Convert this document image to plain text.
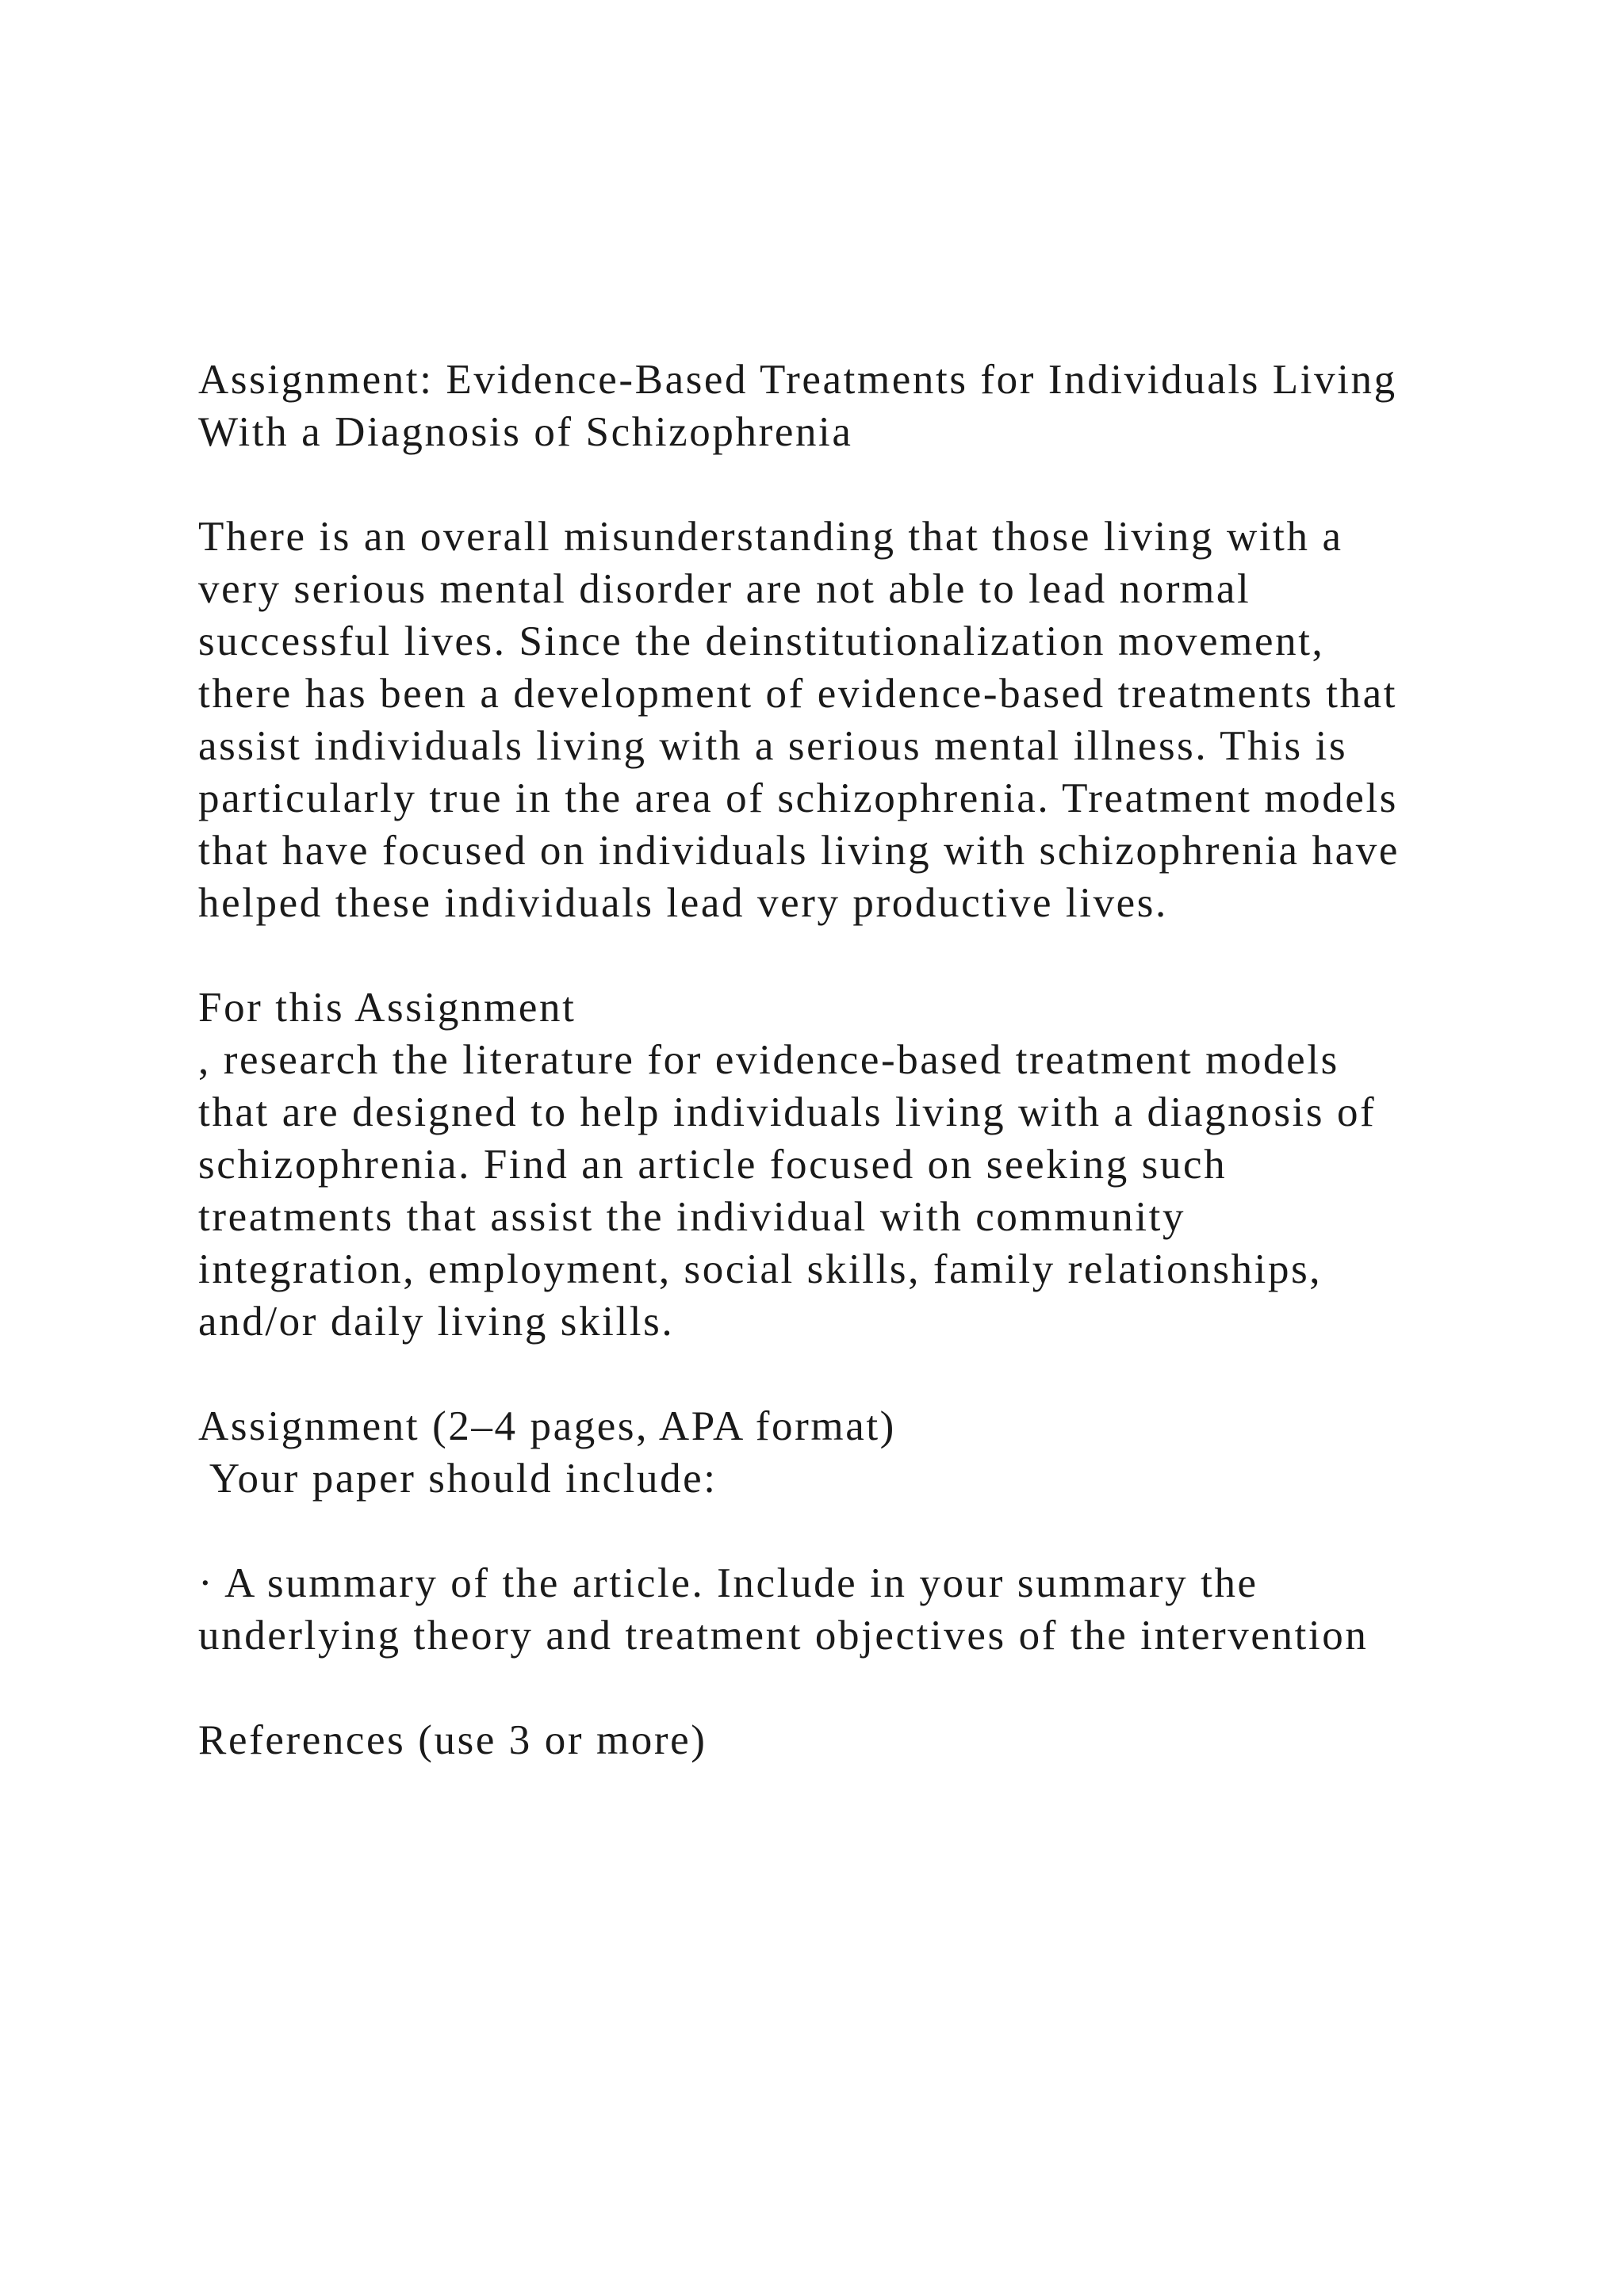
Assignment: Evidence-Based Treatments for Individuals Living
With a Diagnosis of Schizophrenia
There is an overall misunderstanding that those living with a
very serious mental disorder are not able to lead normal
successful lives. Since the deinstitutionalization movement,
there has been a development of evidence-based treatments that
assist individuals living with a serious mental illness. This is
particularly true in the area of schizophrenia. Treatment models
that have focused on individuals living with schizophrenia have
helped these individuals lead very productive lives.
For this Assignment
, research the literature for evidence-based treatment models
that are designed to help individuals living with a diagnosis of
schizophrenia. Find an article focused on seeking such
treatments that assist the individual with community
integration, employment, social skills, family relationships,
and/or daily living skills.
Assignment (2–4 pages, APA format)
Your paper should include:
· A summary of the article. Include in your summary the
underlying theory and treatment objectives of the intervention
References (use 3 or more)
